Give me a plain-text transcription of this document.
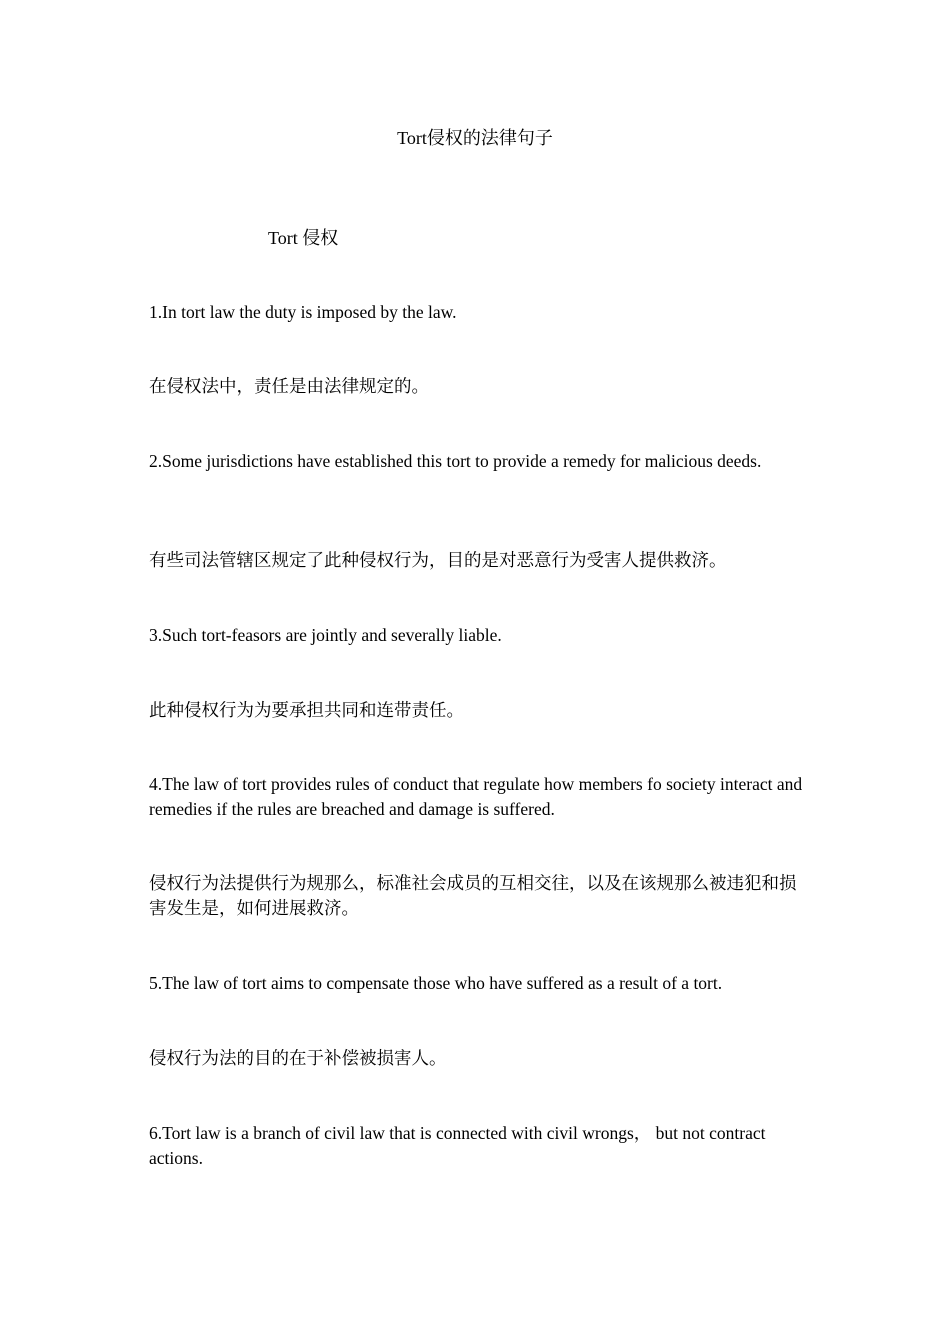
Tort侵权的法律句子
Tort 侵权

1.In tort law the duty is imposed by the law.

在侵权法中，责任是由法律规定的。

2.Some jurisdictions have established this tort to provide a remedy for malicious deeds.

有些司法管辖区规定了此种侵权行为，目的是对恶意行为受害人提供救济。

3.Such tort-feasors are jointly and severally liable.

此种侵权行为为要承担共同和连带责任。

4.The law of tort provides rules of conduct that regulate how members fo society interact and remedies if the rules are breached and damage is suffered.

侵权行为法提供行为规那么，标准社会成员的互相交往，以及在该规那么被违犯和损害发生是，如何进展救济。

5.The law of tort aims to compensate those who have suffered as a result of a tort.

侵权行为法的目的在于补偿被损害人。

6.Tort law is a branch of civil law that is connected with civil wrongs， but not contract actions.
